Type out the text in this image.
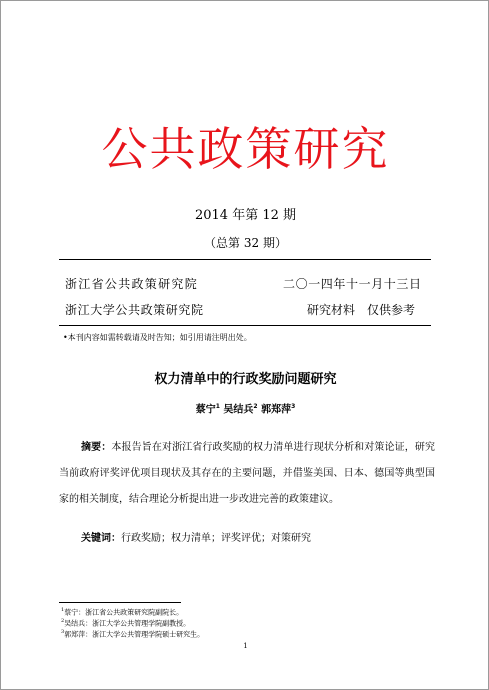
公共政策研究
2014 年第 12 期
（总第 32 期）
浙江省公共政策研究院	二〇一四年十一月十三日
浙江大学公共政策研究院	研究材料　仅供参考
•本刊内容如需转载请及时告知；如引用请注明出处。
权力清单中的行政奖励问题研究
蔡宁$^1$ 吴结兵$^2$ 郭郑萍$^3$
摘要：本报告旨在对浙江省行政奖励的权力清单进行现状分析和对策论证，研究当前政府评奖评优项目现状及其存在的主要问题，并借鉴美国、日本、德国等典型国家的相关制度，结合理论分析提出进一步改进完善的政策建议。
关键词：行政奖励；权力清单；评奖评优；对策研究
$^1$蔡宁：浙江省公共政策研究院副院长。
$^2$吴结兵：浙江大学公共管理学院副教授。
$^3$郭郑萍：浙江大学公共管理学院硕士研究生。
1
